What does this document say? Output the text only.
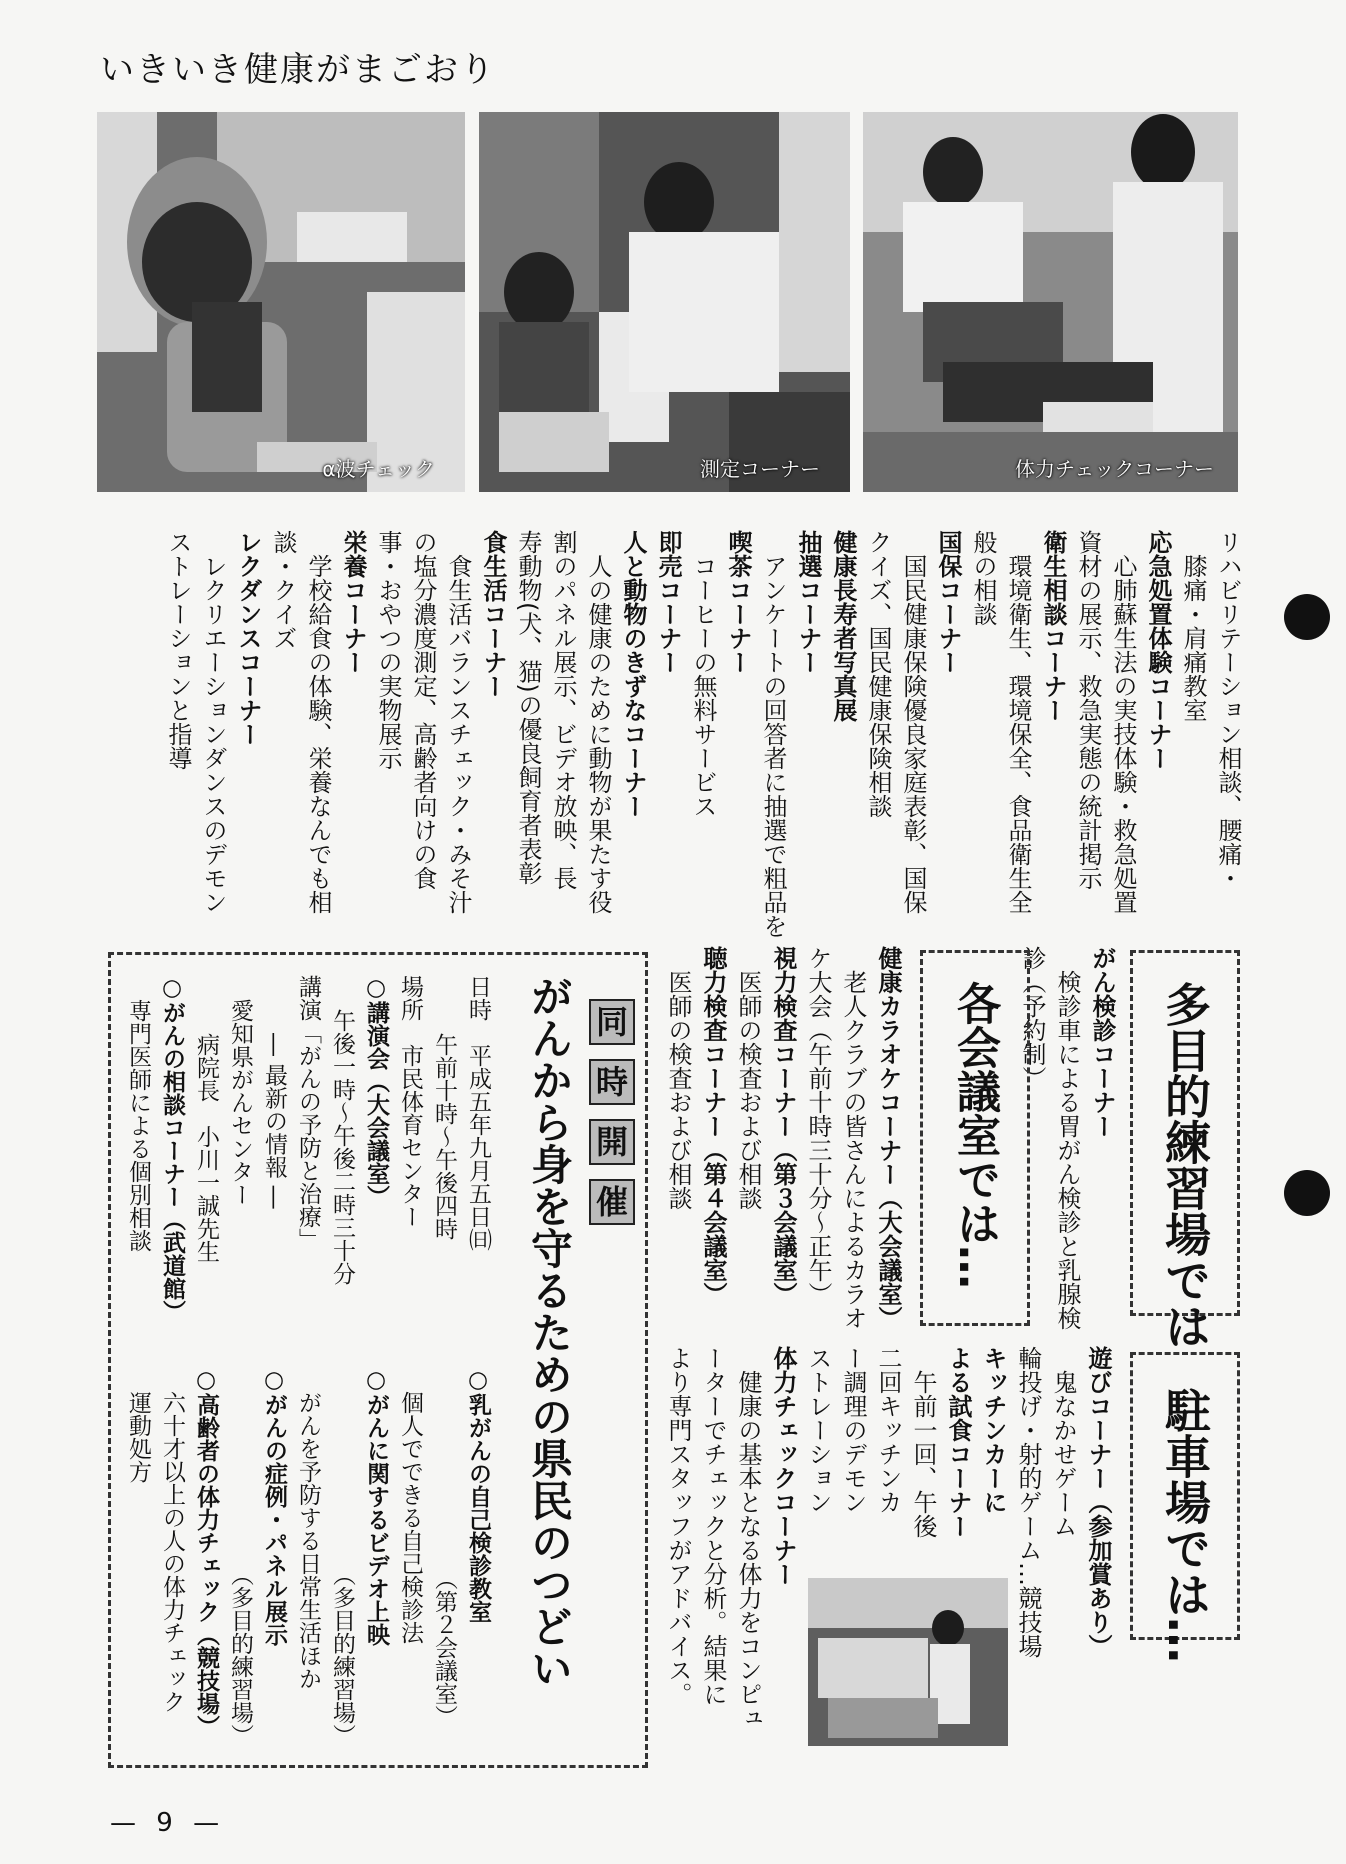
いきいき健康がまごおり
α波チェック	測定コーナー	体力チェックコーナー
リハビリテーション相談、腰痛・
膝痛・肩痛教室
応急処置体験コーナー
心肺蘇生法の実技体験・救急処置
資材の展示、救急実態の統計掲示
衛生相談コーナー
環境衛生、環境保全、食品衛生全
般の相談
国保コーナー
国民健康保険優良家庭表彰、国保
クイズ、国民健康保険相談
健康長寿者写真展
抽選コーナー
アンケートの回答者に抽選で粗品を
喫茶コーナー
コーヒーの無料サービス
即売コーナー
人と動物のきずなコーナー
人の健康のために動物が果たす役
割のパネル展示、ビデオ放映、長
寿動物(犬、猫)の優良飼育者表彰
食生活コーナー
食生活バランスチェック・みそ汁
の塩分濃度測定、高齢者向けの食
事・おやつの実物展示
栄養コーナー
学校給食の体験、栄養なんでも相
談・クイズ
レクダンスコーナー
レクリエーションダンスのデモン
ストレーションと指導
多目的練習場では
がん検診コーナー
検診車による胃がん検診と乳腺検
診（予約制）
駐車場では…
遊びコーナー（参加賞あり）
鬼なかせゲーム
輪投げ・射的ゲーム…競技場
キッチンカーに
よる試食コーナー
午前一回、午後
二回キッチンカ
ー調理のデモン
ストレーション
体力チェックコーナー
健康の基本となる体力をコンピュ
ーターでチェックと分析。結果に
より専門スタッフがアドバイス。
各会議室では…
健康カラオケコーナー（大会議室）
老人クラブの皆さんによるカラオ
ケ大会（午前十時三十分～正午）
視力検査コーナー（第３会議室）
医師の検査および相談
聴力検査コーナー（第４会議室）
医師の検査および相談
同
時
開
催
がんから身を守るための県民のつどい
日時　平成五年九月五日㈰
午前十時～午後四時
場所　市民体育センター
○講演会（大会議室）
午後一時～午後二時三十分
講演「がんの予防と治療」
― 最新の情報 ―
愛知県がんセンター
病院長　小川一誠先生
○がんの相談コーナー（武道館）
専門医師による個別相談
○乳がんの自己検診教室
（第２会議室）
個人でできる自己検診法
○がんに関するビデオ上映
（多目的練習場）
がんを予防する日常生活ほか
○がんの症例・パネル展示
（多目的練習場）
○高齢者の体力チェック（競技場）
六十才以上の人の体力チェック
運動処方
— 9 —
